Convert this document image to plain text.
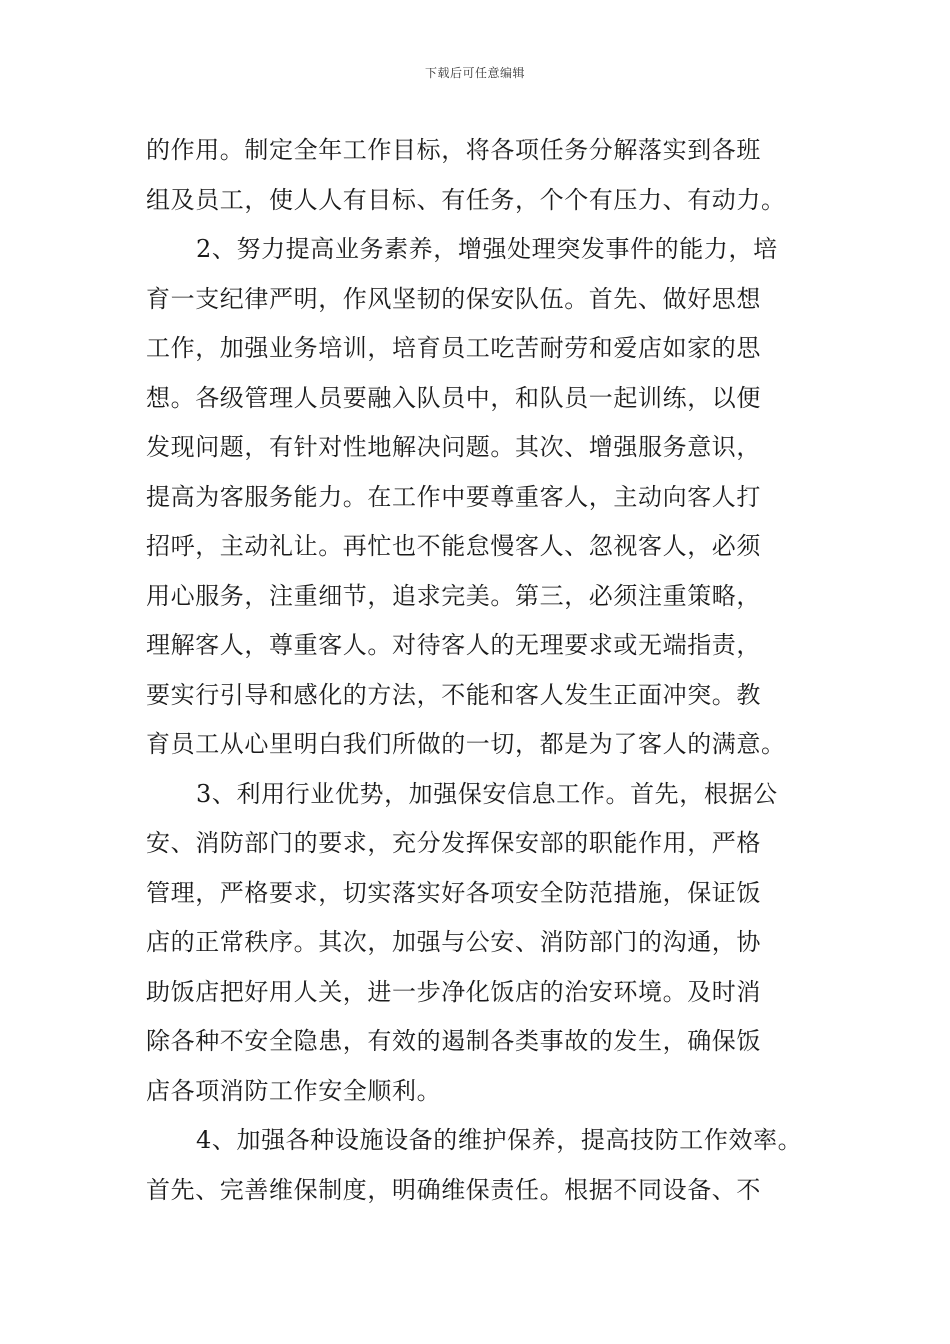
下载后可任意编辑
的作用。制定全年工作目标，将各项任务分解落实到各班
组及员工，使人人有目标、有任务，个个有压力、有动力。
2、努力提高业务素养，增强处理突发事件的能力，培
育一支纪律严明，作风坚韧的保安队伍。首先、做好思想
工作，加强业务培训，培育员工吃苦耐劳和爱店如家的思
想。各级管理人员要融入队员中，和队员一起训练，以便
发现问题，有针对性地解决问题。其次、增强服务意识，
提高为客服务能力。在工作中要尊重客人，主动向客人打
招呼，主动礼让。再忙也不能怠慢客人、忽视客人，必须
用心服务，注重细节，追求完美。第三，必须注重策略，
理解客人，尊重客人。对待客人的无理要求或无端指责，
要实行引导和感化的方法，不能和客人发生正面冲突。教
育员工从心里明白我们所做的一切，都是为了客人的满意。
3、利用行业优势，加强保安信息工作。首先，根据公
安、消防部门的要求，充分发挥保安部的职能作用，严格
管理，严格要求，切实落实好各项安全防范措施，保证饭
店的正常秩序。其次，加强与公安、消防部门的沟通，协
助饭店把好用人关，进一步净化饭店的治安环境。及时消
除各种不安全隐患，有效的遏制各类事故的发生，确保饭
店各项消防工作安全顺利。
4、加强各种设施设备的维护保养，提高技防工作效率。
首先、完善维保制度，明确维保责任。根据不同设备、不
